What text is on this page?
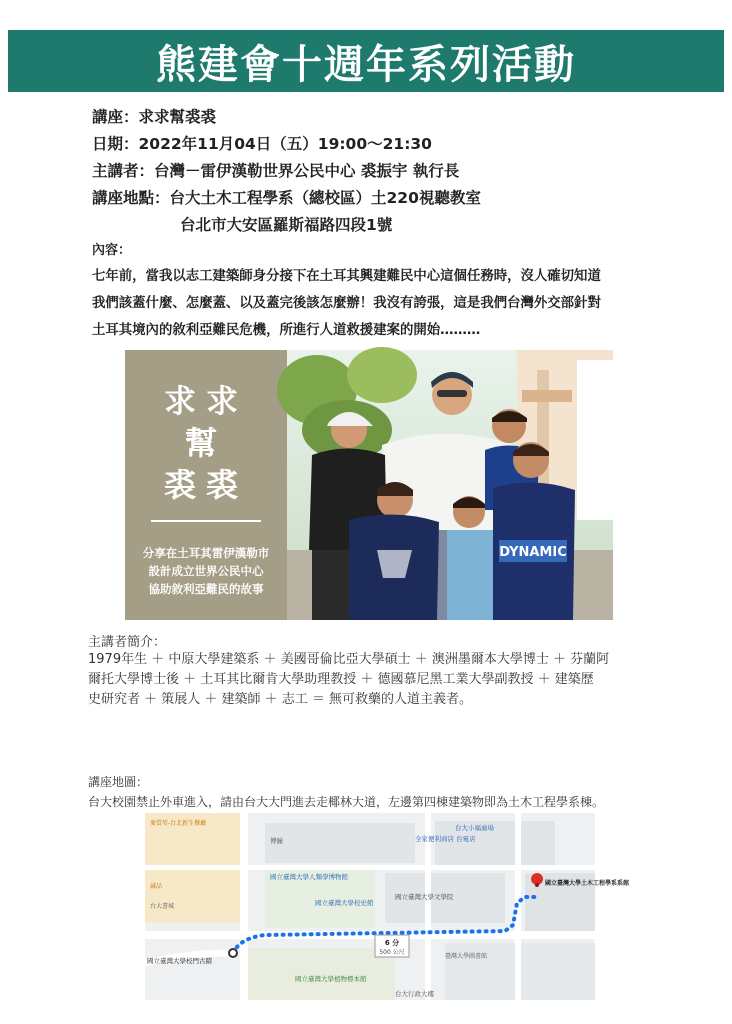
熊建會十週年系列活動
講座：求求幫裘裘
日期：2022年11月04日（五）19:00～21:30
主講者：台灣－雷伊漢勒世界公民中心 裘振宇 執行長
講座地點：台大土木工程學系（總校區）土220視聽教室
台北市大安區羅斯福路四段1號
內容：

七年前，當我以志工建築師身分接下在土耳其興建難民中心這個任務時，沒人確切知道

我們該蓋什麼、怎麼蓋、以及蓋完後該怎麼辦！我沒有誇張，這是我們台灣外交部針對

土耳其境內的敘利亞難民危機，所進行人道救援建案的開始………

求求
幫
裘裘
分享在土耳其雷伊漢勒市
設計成立世界公民中心
協助敘利亞難民的故事
DYNAMIC
主講者簡介：

1979年生 ＋ 中原大學建築系 ＋ 美國哥倫比亞大學碩士 ＋ 澳洲墨爾本大學博士 ＋ 芬蘭阿

爾托大學博士後 ＋ 土耳其比爾肯大學助理教授 ＋ 德國慕尼黑工業大學副教授 ＋ 建築歷

史研究者 ＋ 策展人 ＋ 建築師 ＋ 志工 ＝ 無可救藥的人道主義者。

講座地圖：
台大校園禁止外車進入，請由台大大門進去走椰林大道，左邊第四棟建築物即為土木工程學系棟。
6 分
500 公尺
麥當勞-台北新生餐廳
全家便利商店 台電店
台大小福廣場
傅鐘
國立臺灣大學人類學博物館
國立臺灣大學校史館
國立臺灣大學文學院
國立臺灣大學土木工程學系系館
國立臺灣大學校門古蹟
國立臺灣大學植物標本館
台大行政大樓
臺灣大學圖書館
誠品
台大書城
